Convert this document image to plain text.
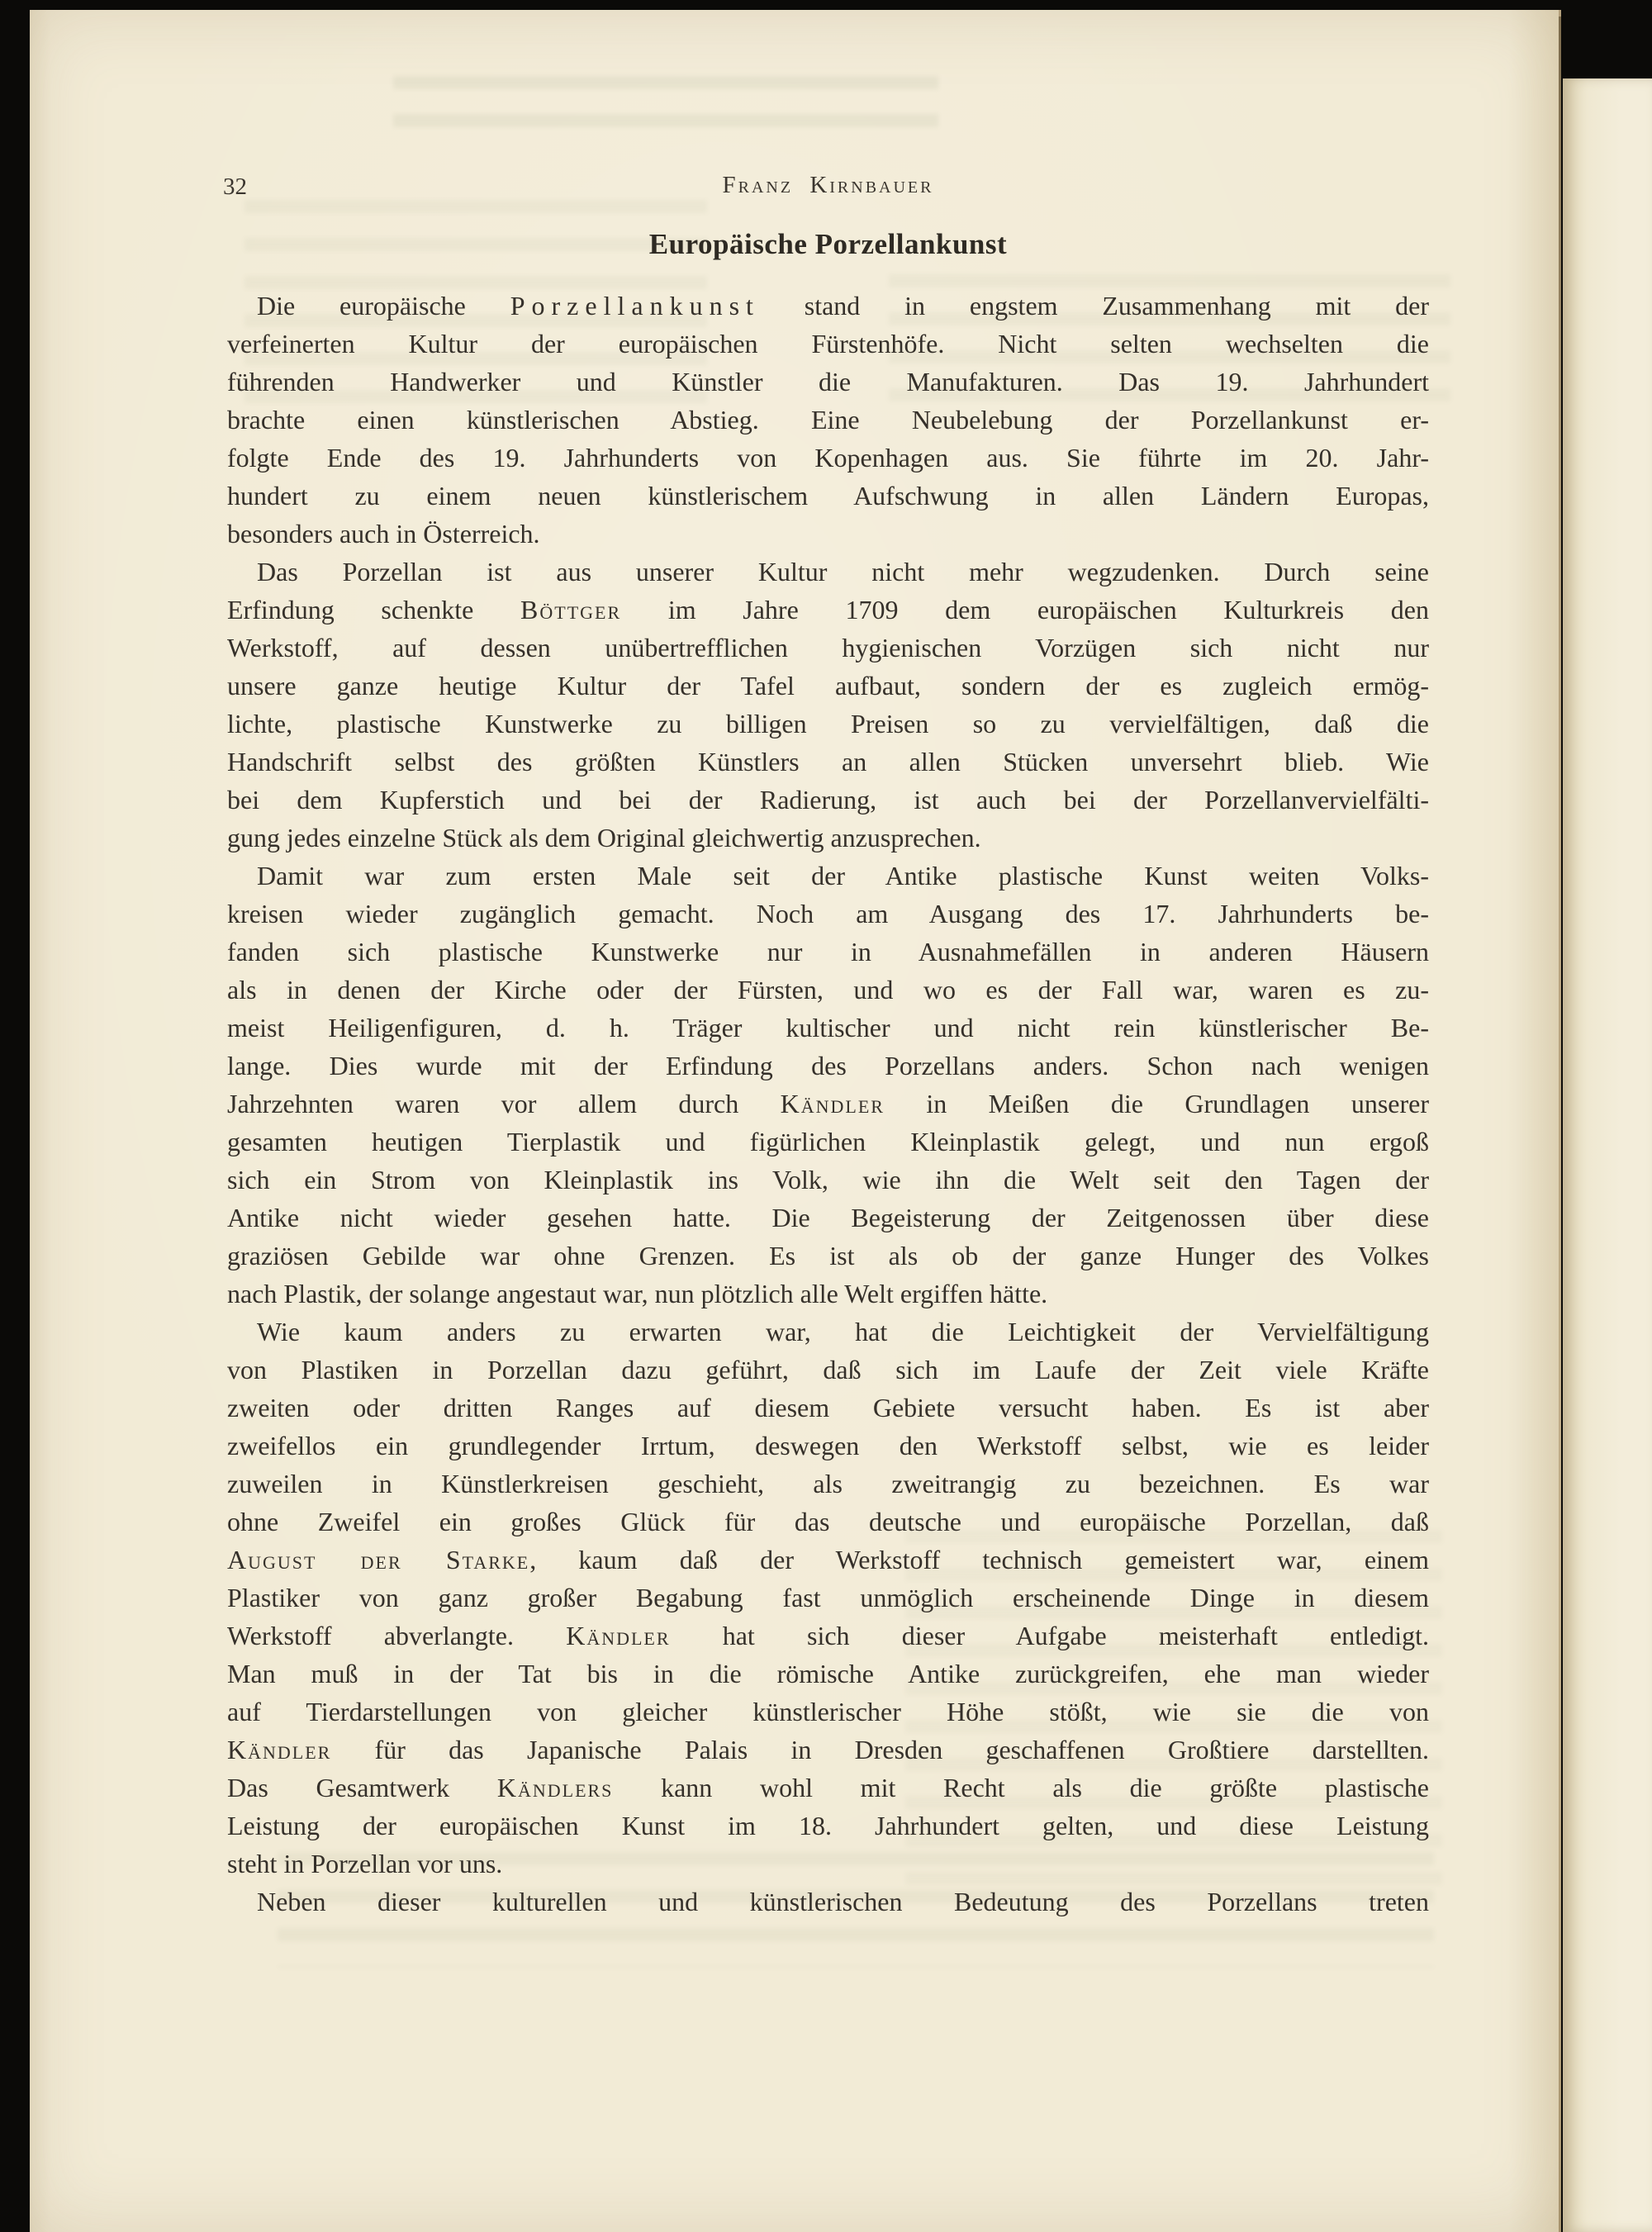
32	Franz Kirnbauer
Europäische Porzellankunst
Die europäische Porzellankunst stand in engstem Zusammenhang mit der
verfeinerten Kultur der europäischen Fürstenhöfe. Nicht selten wechselten die
führenden Handwerker und Künstler die Manufakturen. Das 19. Jahrhundert
brachte einen künstlerischen Abstieg. Eine Neubelebung der Porzellankunst er-
folgte Ende des 19. Jahrhunderts von Kopenhagen aus. Sie führte im 20. Jahr-
hundert zu einem neuen künstlerischem Aufschwung in allen Ländern Europas,
besonders auch in Österreich.
Das Porzellan ist aus unserer Kultur nicht mehr wegzudenken. Durch seine
Erfindung schenkte Böttger im Jahre 1709 dem europäischen Kulturkreis den
Werkstoff, auf dessen unübertrefflichen hygienischen Vorzügen sich nicht nur
unsere ganze heutige Kultur der Tafel aufbaut, sondern der es zugleich ermög-
lichte, plastische Kunstwerke zu billigen Preisen so zu vervielfältigen, daß die
Handschrift selbst des größten Künstlers an allen Stücken unversehrt blieb. Wie
bei dem Kupferstich und bei der Radierung, ist auch bei der Porzellanvervielfälti-
gung jedes einzelne Stück als dem Original gleichwertig anzusprechen.
Damit war zum ersten Male seit der Antike plastische Kunst weiten Volks-
kreisen wieder zugänglich gemacht. Noch am Ausgang des 17. Jahrhunderts be-
fanden sich plastische Kunstwerke nur in Ausnahmefällen in anderen Häusern
als in denen der Kirche oder der Fürsten, und wo es der Fall war, waren es zu-
meist Heiligenfiguren, d. h. Träger kultischer und nicht rein künstlerischer Be-
lange. Dies wurde mit der Erfindung des Porzellans anders. Schon nach wenigen
Jahrzehnten waren vor allem durch Kändler in Meißen die Grundlagen unserer
gesamten heutigen Tierplastik und figürlichen Kleinplastik gelegt, und nun ergoß
sich ein Strom von Kleinplastik ins Volk, wie ihn die Welt seit den Tagen der
Antike nicht wieder gesehen hatte. Die Begeisterung der Zeitgenossen über diese
graziösen Gebilde war ohne Grenzen. Es ist als ob der ganze Hunger des Volkes
nach Plastik, der solange angestaut war, nun plötzlich alle Welt ergiffen hätte.
Wie kaum anders zu erwarten war, hat die Leichtigkeit der Vervielfältigung
von Plastiken in Porzellan dazu geführt, daß sich im Laufe der Zeit viele Kräfte
zweiten oder dritten Ranges auf diesem Gebiete versucht haben. Es ist aber
zweifellos ein grundlegender Irrtum, deswegen den Werkstoff selbst, wie es leider
zuweilen in Künstlerkreisen geschieht, als zweitrangig zu bezeichnen. Es war
ohne Zweifel ein großes Glück für das deutsche und europäische Porzellan, daß
August der Starke, kaum daß der Werkstoff technisch gemeistert war, einem
Plastiker von ganz großer Begabung fast unmöglich erscheinende Dinge in diesem
Werkstoff abverlangte. Kändler hat sich dieser Aufgabe meisterhaft entledigt.
Man muß in der Tat bis in die römische Antike zurückgreifen, ehe man wieder
auf Tierdarstellungen von gleicher künstlerischer Höhe stößt, wie sie die von
Kändler für das Japanische Palais in Dresden geschaffenen Großtiere darstellten.
Das Gesamtwerk Kändlers kann wohl mit Recht als die größte plastische
Leistung der europäischen Kunst im 18. Jahrhundert gelten, und diese Leistung
steht in Porzellan vor uns.
Neben dieser kulturellen und künstlerischen Bedeutung des Porzellans treten
